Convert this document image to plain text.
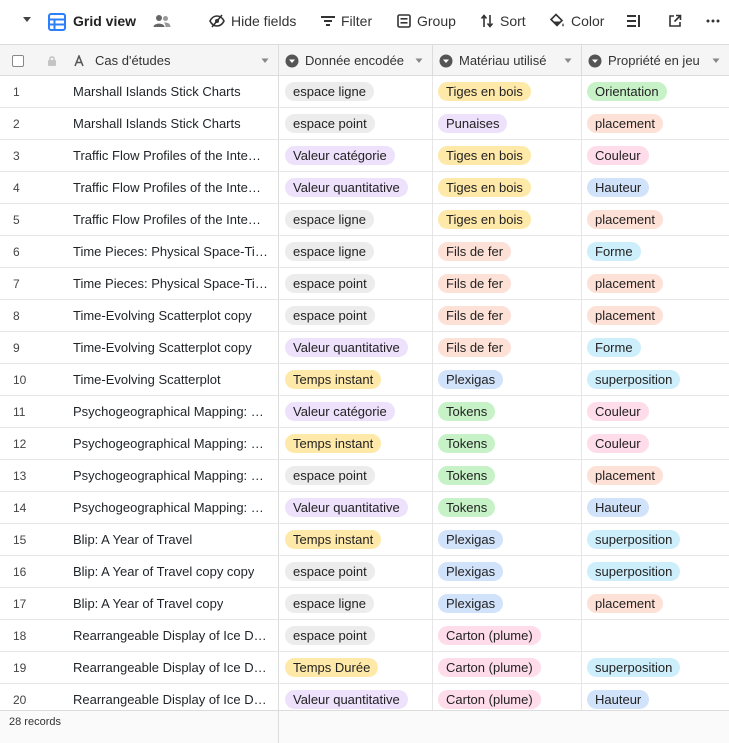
Grid view	Hide fields	Filter	Group	Sort	Color
Cas d'études	Donnée encodée	Matériau utilisé	Propriété en jeu
1	Marshall Islands Stick Charts	espace ligne	Tiges en bois	Orientation
2	Marshall Islands Stick Charts	espace point	Punaises	placement
3	Traffic Flow Profiles of the Inte…	Valeur catégorie	Tiges en bois	Couleur
4	Traffic Flow Profiles of the Inte…	Valeur quantitative	Tiges en bois	Hauteur
5	Traffic Flow Profiles of the Inte…	espace ligne	Tiges en bois	placement
6	Time Pieces: Physical Space-Ti…	espace ligne	Fils de fer	Forme
7	Time Pieces: Physical Space-Ti…	espace point	Fils de fer	placement
8	Time-Evolving Scatterplot copy	espace point	Fils de fer	placement
9	Time-Evolving Scatterplot copy	Valeur quantitative	Fils de fer	Forme
10	Time-Evolving Scatterplot	Temps instant	Plexigas	superposition
11	Psychogeographical Mapping: …	Valeur catégorie	Tokens	Couleur
12	Psychogeographical Mapping: …	Temps instant	Tokens	Couleur
13	Psychogeographical Mapping: …	espace point	Tokens	placement
14	Psychogeographical Mapping: …	Valeur quantitative	Tokens	Hauteur
15	Blip: A Year of Travel	Temps instant	Plexigas	superposition
16	Blip: A Year of Travel copy copy	espace point	Plexigas	superposition
17	Blip: A Year of Travel copy	espace ligne	Plexigas	placement
18	Rearrangeable Display of Ice D…	espace point	Carton (plume)
19	Rearrangeable Display of Ice D…	Temps Durée	Carton (plume)	superposition
20	Rearrangeable Display of Ice D…	Valeur quantitative	Carton (plume)	Hauteur
28 records
